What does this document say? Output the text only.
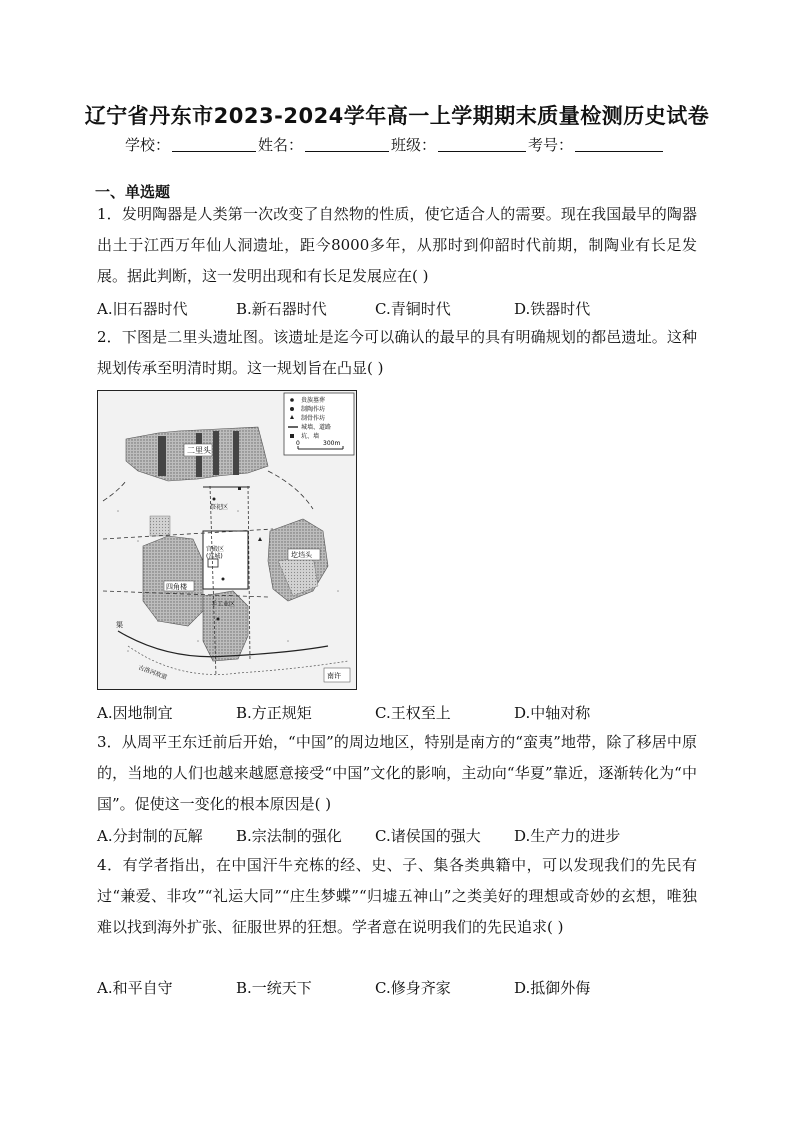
辽宁省丹东市2023-2024学年高一上学期期末质量检测历史试卷
学校：	姓名：	班级：	考号：
一、单选题
1．发明陶器是人类第一次改变了自然物的性质，使它适合人的需要。现在我国最早的陶器出土于江西万年仙人洞遗址，距今8000多年，从那时到仰韶时代前期，制陶业有长足发展。据此判断，这一发明出现和有长足发展应在( )
A.旧石器时代	B.新石器时代	C.青铜时代	D.铁器时代
2．下图是二里头遗址图。该遗址是迄今可以确认的最早的具有明确规划的都邑遗址。这种规划传承至明清时期。这一规划旨在凸显( )
贵族墓葬
制陶作坊
制骨作坊
城墙、道路
坑、墙
0	300m
二里头
祭祀区
宫殿区
(宫城)
四角楼
手工业区
圪垱头
渠
古洛河故道	南许
A.因地制宜	B.方正规矩	C.王权至上	D.中轴对称
3．从周平王东迁前后开始，“中国”的周边地区，特别是南方的“蛮夷”地带，除了移居中原的，当地的人们也越来越愿意接受“中国”文化的影响，主动向“华夏”靠近，逐渐转化为“中国”。促使这一变化的根本原因是( )
A.分封制的瓦解	B.宗法制的强化	C.诸侯国的强大	D.生产力的进步
4．有学者指出，在中国汗牛充栋的经、史、子、集各类典籍中，可以发现我们的先民有过“兼爱、非攻”“礼运大同”“庄生梦蝶”“归墟五神山”之类美好的理想或奇妙的玄想，唯独难以找到海外扩张、征服世界的狂想。学者意在说明我们的先民追求( )
A.和平自守	B.一统天下	C.修身齐家	D.抵御外侮
